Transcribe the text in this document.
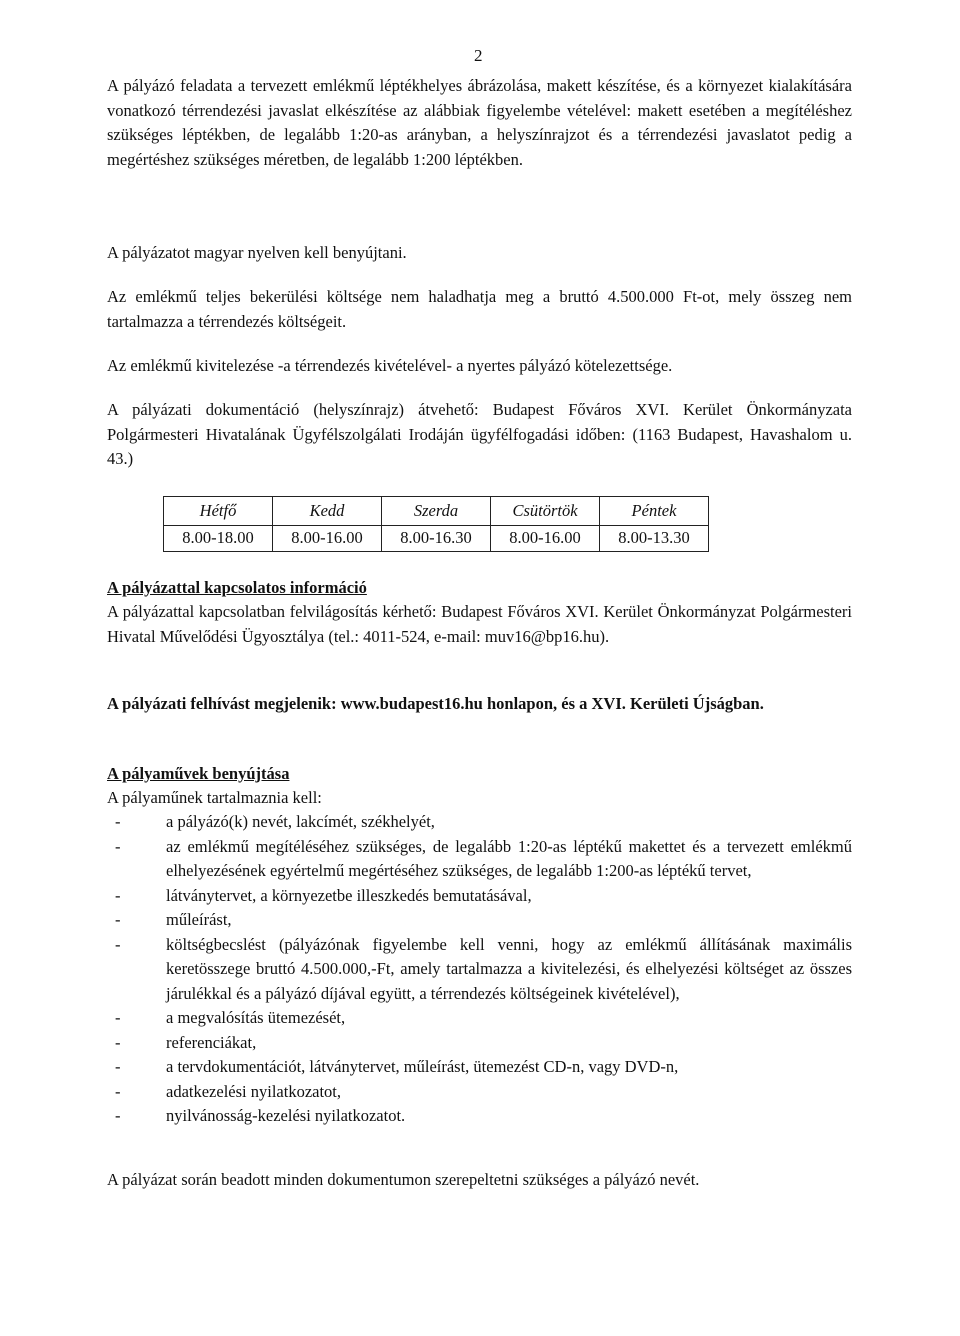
2

A pályázó feladata a tervezett emlékmű léptékhelyes ábrázolása, makett készítése, és a környezet kialakítására vonatkozó térrendezési javaslat elkészítése az alábbiak figyelembe vételével: makett esetében a megítéléshez szükséges léptékben, de legalább 1:20-as arányban, a helyszínrajzot és a térrendezési javaslatot pedig a megértéshez szükséges méretben, de legalább 1:200 léptékben.

A pályázatot magyar nyelven kell benyújtani.

Az emlékmű teljes bekerülési költsége nem haladhatja meg a bruttó 4.500.000 Ft-ot, mely összeg nem tartalmazza a térrendezés költségeit.

Az emlékmű kivitelezése -a térrendezés kivételével- a nyertes pályázó kötelezettsége.

A pályázati dokumentáció (helyszínrajz) átvehető: Budapest Főváros XVI. Kerület Önkormányzata Polgármesteri Hivatalának Ügyfélszolgálati Irodáján ügyfélfogadási időben: (1163 Budapest, Havashalom u. 43.)

Hétfő	Kedd	Szerda	Csütörtök	Péntek
8.00-18.00	8.00-16.00	8.00-16.30	8.00-16.00	8.00-13.30

A pályázattal kapcsolatos információ

A pályázattal kapcsolatban felvilágosítás kérhető: Budapest Főváros XVI. Kerület Önkormányzat Polgármesteri Hivatal Művelődési Ügyosztálya (tel.: 4011-524, e-mail: muv16@bp16.hu).

A pályázati felhívást megjelenik: www.budapest16.hu honlapon, és a XVI. Kerületi Újságban.

A pályaművek benyújtása

A pályaműnek tartalmaznia kell:

- a pályázó(k) nevét, lakcímét, székhelyét,
- az emlékmű megítéléséhez szükséges, de legalább 1:20-as léptékű makettet és a tervezett emlékmű elhelyezésének egyértelmű megértéséhez szükséges, de legalább 1:200-as léptékű tervet,
- látványtervet, a környezetbe illeszkedés bemutatásával,
- műleírást,
- költségbecslést (pályázónak figyelembe kell venni, hogy az emlékmű állításának maximális keretösszege bruttó 4.500.000,-Ft, amely tartalmazza a kivitelezési, és elhelyezési költséget az összes járulékkal és a pályázó díjával együtt, a térrendezés költségeinek kivételével),
- a megvalósítás ütemezését,
- referenciákat,
- a tervdokumentációt, látványtervet, műleírást, ütemezést CD-n, vagy DVD-n,
- adatkezelési nyilatkozatot,
- nyilvánosság-kezelési nyilatkozatot.

A pályázat során beadott minden dokumentumon szerepeltetni szükséges a pályázó nevét.
